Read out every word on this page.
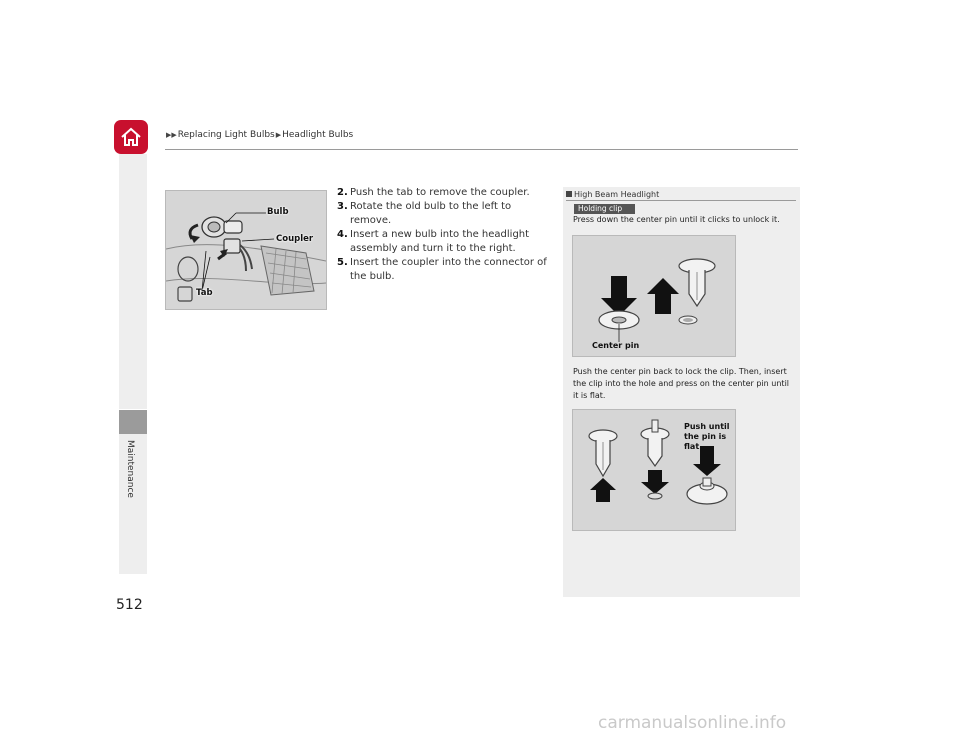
▶▶Replacing Light Bulbs▶Headlight Bulbs
Maintenance
512
Bulb
Coupler
Tab
2. Push the tab to remove the coupler.
3. Rotate the old bulb to the left to remove.
4. Insert a new bulb into the headlight assembly and turn it to the right.
5. Insert the coupler into the connector of the bulb.
High Beam Headlight
Holding clip
Press down the center pin until it clicks to unlock it.
Center pin
Push the center pin back to lock the clip. Then, insert the clip into the hole and press on the center pin until it is flat.
Push until the pin is flat.
carmanualsonline.info
